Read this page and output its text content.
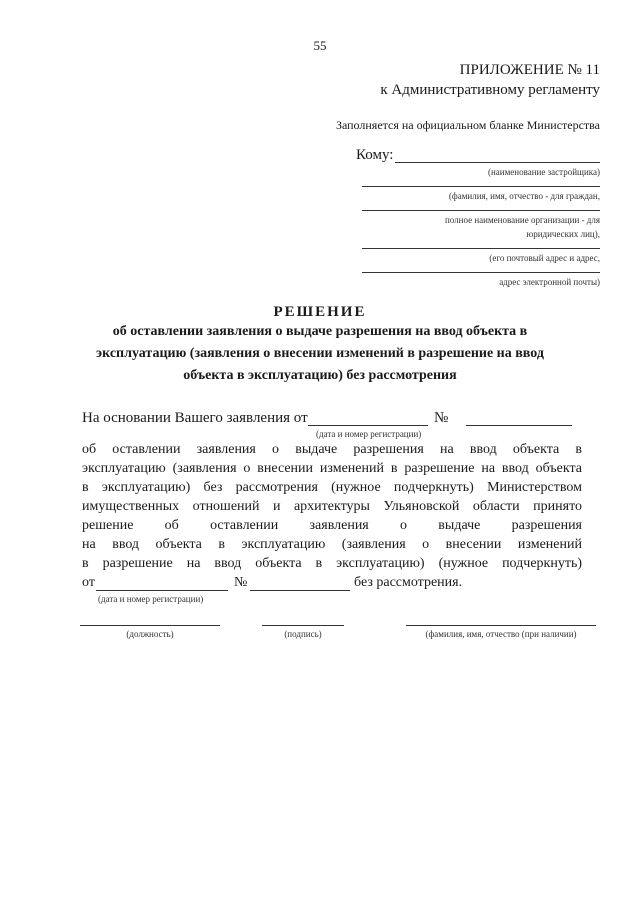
55
ПРИЛОЖЕНИЕ № 11
к Административному регламенту
Заполняется на официальном бланке Министерства
Кому:
(наименование застройщика)
(фамилия, имя, отчество - для граждан,
полное наименование организации - для
юридических лиц),
(его почтовый адрес и адрес,
адрес электронной почты)
РЕШЕНИЕ
об оставлении заявления о выдаче разрешения на ввод объекта в
эксплуатацию (заявления о внесении изменений в разрешение на ввод
объекта в эксплуатацию) без рассмотрения
На основании Вашего заявления от	№
(дата и номер регистрации)
об оставлении заявления о выдаче разрешения на ввод объекта в
эксплуатацию (заявления о внесении изменений в разрешение на ввод объекта
в эксплуатацию) без рассмотрения (нужное подчеркнуть) Министерством
имущественных отношений и архитектуры Ульяновской области принято
решение об оставлении заявления о выдаче разрешения
на ввод объекта в эксплуатацию (заявления о внесении изменений
в разрешение на ввод объекта в эксплуатацию) (нужное подчеркнуть)
от	№	без рассмотрения.
(дата и номер регистрации)
(должность)	(подпись)	(фамилия, имя, отчество (при наличии)
